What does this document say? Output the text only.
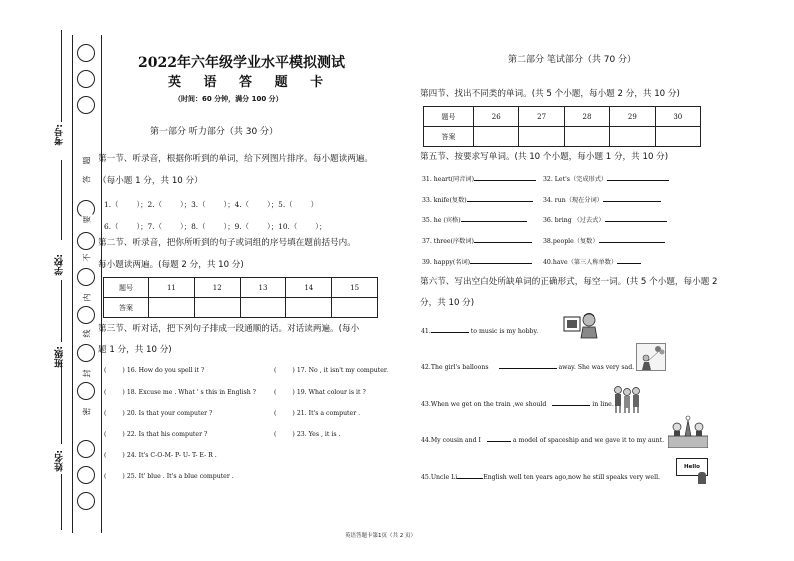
考号:
学校:
班级:
姓名:
题
答
要
不
内
线
封
密
2022年六年级学业水平模拟测试
英 语 答 题 卡
（时间：60 分钟，满分 100 分）
第一部分 听力部分（共 30 分）
第一节、听录音，根据你听到的单词，给下列图片排序。每小题读两遍。
（每小题 1 分，共 10 分）
1.（ ）；2.（ ）；3.（ ）；4.（ ）；5.（ ）
6.（ ）；7.（ ）；8.（ ）；9.（ ）；10.（ ）；
第二节、听录音，把你所听到的句子或词组的序号填在题前括号内。
每小题读两遍。(每题 2 分，共 10 分)
题号	11	12	13	14	15
答案					
第三节、听对话，把下列句子排成一段通顺的话。对话读两遍。(每小
题 1 分，共 10 分)
(	) 16. How do you spell it ?
(	) 18. Excuse me . What ' s this in English ?
(	) 20. Is that your computer ?
(	) 22. Is that his computer ?
(	) 24. It's C-O-M- P- U- T- E- R .
(	) 25. It' blue . It's a blue computer .
(	) 17. No , it isn't my computer.
(	) 19. What colour is it ?
(	) 21. It's a computer .
(	) 23. Yes , it is .
第二部分 笔试部分（共 70 分）
第四节、找出不同类的单词。(共 5 个小题，每小题 2 分，共 10 分)
题号	26	27	28	29	30
答案					
第五节、按要求写单词。(共 10 个小题，每小题 1 分，共 10 分)
31. heart(同音词)
33. knife(复数)
35. he (宾格)
37. three(序数词)
39. happy(名词)
32. Let's（完成形式）
34. run（现在分词）
36. bring （过去式）
38.people（复数）
40.have（第三人称单数）
第六节、写出空白处所缺单词的正确形式，每空一词。(共 5 个小题，每小题 2
分，共 10 分)
41.	to music is my hobby.
42.The girl's balloons	away. She was very sad.
43.When we get on the train ,we should	in line.
44.My cousin and I	a model of spaceship and we gave it to my aunt.
45.Uncle Li	English well ten years ago,now he still speaks very well.
Hello
英语答题卡第1页（共 2 页）
